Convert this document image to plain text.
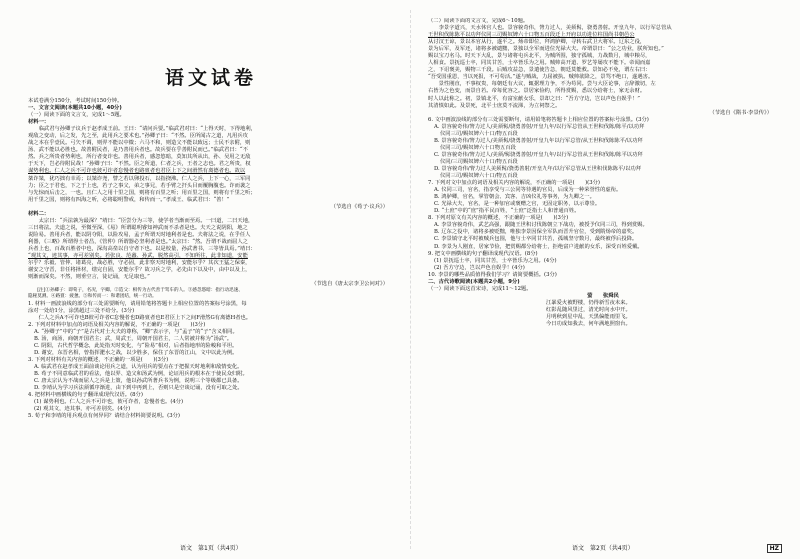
语文试卷

本试卷满分150分，考试时间150分钟。

一、文言文阅读(本题共10小题，40分)

（一）阅读下面的文言文，完成1～5题。

材料一：

　　临武君与孙卿子议兵于赵孝成王前。王曰：“请问兵要。”临武君对曰：“上得天时，下得地利，

观敌之变动，后之发，先之至，此用兵之要术也。”孙卿子曰：“不然。臣所闻古之道，凡用兵攻

战之本在乎壹民。弓矢不调，则羿不能以中微；六马不和，则造父不能以致远；士民不亲附，则

汤、武不能以必胜也。故善附民者，是乃善用兵者也。故兵要在乎善附民而已。”临武君曰：“不

然。兵之所贵者势利也，所行者变诈也。善用兵者，感忽悠暗，莫知其所从出，孙、吴用之无敌

于天下，岂必待附民哉！”孙卿子曰：“不然。臣之所道，仁者之兵，王者之志也。君之所贵，权

谋势利也。仁人之兵不可诈也彼可诈者怠慢者也路亶者也君臣上下之间滑然有离德者也。故以

桀诈桀，犹巧拙有幸焉；以桀诈尧，譬之若以卵投石，以指挠沸。仁人之兵，上下一心，三军同

力；臣之于君也，下之于上也，若子之事父，弟之事兄，若手臂之扞头目而覆胸腹也。诈而袭之

与先惊而后击之，一也。且仁人之用十里之国，则将有百里之听；用百里之国，则将有千里之听；

用千里之国，则将有四海之听，必将聪明警戒，和传而一。”孝成王、临武君曰：“善！”

（节选自《荀子·议兵》）

材料二：

　　太宗曰：“兵法孰为最深？”靖曰：“臣尝分为三等，使学者当渐而至焉。一曰道，二曰天地，

三曰将法。夫道之说，至微至深，《易》所谓聪明睿知神武而不杀者是也。夫天之说阴阳，地之

说险易。善用兵者，能以阴夺阳，以险攻易，孟子所谓天时地利者是也。夫将法之说，在乎任人

利器，《三略》所谓得士者昌，《管仲》所谓器必坚利者是也。”太宗曰：“然。吾谓不战而屈人之

兵者上也，百战百胜者中也，深沟高垒以自守者下也。以是校量，孙武著书，三等皆具焉。”靖曰：

“观其文，迹其事，亦可差别矣。若张良、范蠡、孙武，脱然高引，不知所往，此非知道，安能

尔乎？乐毅、管仲、诸葛亮，战必胜，守必固，此非察天时地利，安能尔乎？其次王猛之保秦，

谢安之守晋，非任将择材，缮完自固，安能尔乎？故习兵之学，必先由下以及中，由中以及上，

则渐而深矣。不然，则垂空言，徒记诵，无足取也。”

（节选自《唐太宗李卫公问对》）

　　[注]①孙卿子：即荀子，名况，字卿。②造父：相传为古代善于驾车的人。③感忽悠暗：指行动迅速、

隐秘莫测。④路亶：疲惫。⑤和传而一：和谐团结，统一行动。

1. 材料一画波浪线的部分有三处需要断句，请用铅笔将答题卡上相应位置的答案标号涂黑，每

涂对一处给1分，涂黑超过三处不给分。(3分)

　　仁人之兵A不可诈也B彼可诈者C怠慢者也D路亶者也E君臣上下之间F滑然G有离德H者也。

2. 下列对材料中加点的词语及相关内容的解说，不正确的一项是(　　)(3分)

A. “孙卿子”中的“子”是古代对士大夫的尊称，“卿”表示字，与“孟子”的“子”含义相同。

B. 汤，商汤，商朝开国君主；武，周武王，周朝开国君主，二人常被并称为“汤武”。

C. 阴阳，古代哲学概念，此处指天时变化，与“险易”相对，后者指地形的险峻和平坦。

D. 谢安，东晋名相，曾指挥淝水之战，以少胜多，保住了东晋的江山，文中以此为例。

3. 下列对材料有关内容的概述，不正确的一项是(　　)(3分)

A. 临武君在赵孝成王面前谈论用兵之道，认为用兵的要点在于把握天时地利和敌情变化。

B. 荀子不同意临武君的看法，他以羿、造父和汤武为例，论证用兵的根本在于使民众归附。

C. 唐太宗认为不战而屈人之兵是上策，他以孙武所著兵书为例，说明三个等级都已具备。

D. 李靖认为学习兵法须循序渐进，由下到中再到上，否则只是空谈记诵，没有可取之处。

4. 把材料中画横线的句子翻译成现代汉语。(8分)

(1) 谋势利也。仁人之兵不可诈也，彼可诈者，怠慢者也。(4分)

(2) 观其文，迹其事，亦可差别矣。(4分)

5. 荀子和李靖的用兵观点有何异同？请结合材料简要说明。(3分)

（二）阅读下面的文言文，完成6～10题。

　　李景字道兴，天水休官人也。景容貌奇伟，膂力过人，美须髯，骁勇善射。开皇九年，以行军总管从

王世积伐陈陈平以功拜仪同三司赐奴婢六十口物五百段迁上开府以功进位柱国尚书朝邑公

从讨汉王谅，景以本官从行，遂平之。炀帝即位，拜鸿胪卿，寻转右武卫大将军。辽东之役，

景为后军，及军还，诸将多被谴黜，景独以全军而进位光禄大夫。帝谓景曰：“公之功业，朕所知也。”

赐以宝刀名马。时天下大乱，景与诸将屯兵北平，为贼所围，独守孤城，力战数月，城中粮尽，

人相食。景抚巡士卒，同其甘苦，士卒皆乐为之用。贼帅高开道、罗艺等屡攻不能下。帝闻而嘉

之，下诏褒美，赐物三千段。后贼攻益急，景遣使告急，朝廷莫能救。景知必不免，谓左右曰：

“吾受国重恩，当以死报，不可苟活。”遂与贼战，力屈被执。贼帅欲降之，景骂不绝口，遂遇害。

　　景性刚直，不事权贵，每朝廷有大议，辄据理力争，不为苟同。尝与大臣论事，言辞激切，左

右皆为之色变，而景自若。帝每优容之。景居家俭约，所得赏赐，悉以分给将士，家无余财。

时人以此称之。初，景镇北平，有富室献女乐，景却之曰：“吾方守边，岂以声色自娱乎！”

其清慎如此。及景死，北平士庶莫不流涕，为立祠祭之。

（节选自《隋书·李景传》）

6. 文中画波浪线的部分有三处需要断句，请用铅笔将答题卡上相应位置的答案标号涂黑。(3分)

A. 景容貌奇伟/膂力过人/美须髯/骁勇善射/开皇九年/以行军总管从王世积伐陈/陈平/以功拜

仪同三司/赐奴婢六十口/物五百段

B. 景容貌奇伟/膂力过人/美须髯/骁勇善射/开皇九年以行军总管/从王世积伐陈陈平/以功拜

仪同三司/赐奴婢六十口物五百段

C. 景容貌奇伟/膂力过人/美须/髯骁勇善射/开皇九年/以行军总管从王世积伐陈/陈平以功拜

仪同/三司赐奴婢六十口/物五百段

D. 景容貌奇伟/膂力过人美须髯/骁勇善射/开皇九年/以行军总管从王世积伐陈陈平/以功拜

仪同三司/赐奴婢六十口/物五百段

7. 下列对文中加点的词语及相关内容的解说，不正确的一项是(　　)(3分)

A. 仪同三司，官名，指享受与三公同等待遇的官员，后成为一种荣誉性的虚衔。

B. 鸿胪卿，官名，掌管朝会、宾客、吉凶仪礼等事务，为九卿之一。

C. 光禄大夫，官名，是一种加官或褒赠之官，无固定职务，以示尊崇。

D. “士庶”中的“庶”指平民百姓，“士庶”泛指士人和普通百姓。

8. 下列对原文有关内容的概述，不正确的一项是(　　)(3分)

A. 李景容貌奇伟，武艺高强，跟随王世积讨伐陈朝立下战功，被授予仪同三司，得到赏赐。

B. 辽东之役中，诸将多被贬黜，唯独李景因保全军队而晋升官位，受到隋炀帝的嘉奖。

C. 李景镇守北平时被贼兵包围，他与士卒同甘共苦，孤城坚守数月，最终被俘后投降。

D. 李景为人刚直，居家节俭，把赏赐都分给将士，拒绝富户进献的女乐，深受百姓爱戴。

9. 把文中画横线的句子翻译成现代汉语。(8分)

(1) 景抚巡士卒，同其甘苦，士卒皆乐为之用。(4分)

(2) 吾方守边，岂以声色自娱乎！(4分)

10. 李景的哪些品质值得我们学习？请简要概括。(3分)

二、古代诗歌阅读(本题共2小题，9分)

（一）阅读下面这首宋诗，完成11～12题。

萤　　张舜民

江暴爱火被野楼，仍得新雪夜未来。

红影乱随风里过，清光时向水中开。

月明秋到星中乱，天黑偏能雨里飞。

今日功成知我去，何年满地照窗台。

语文　第1页（共4页）	语文　第2页（共4页）	HZ
